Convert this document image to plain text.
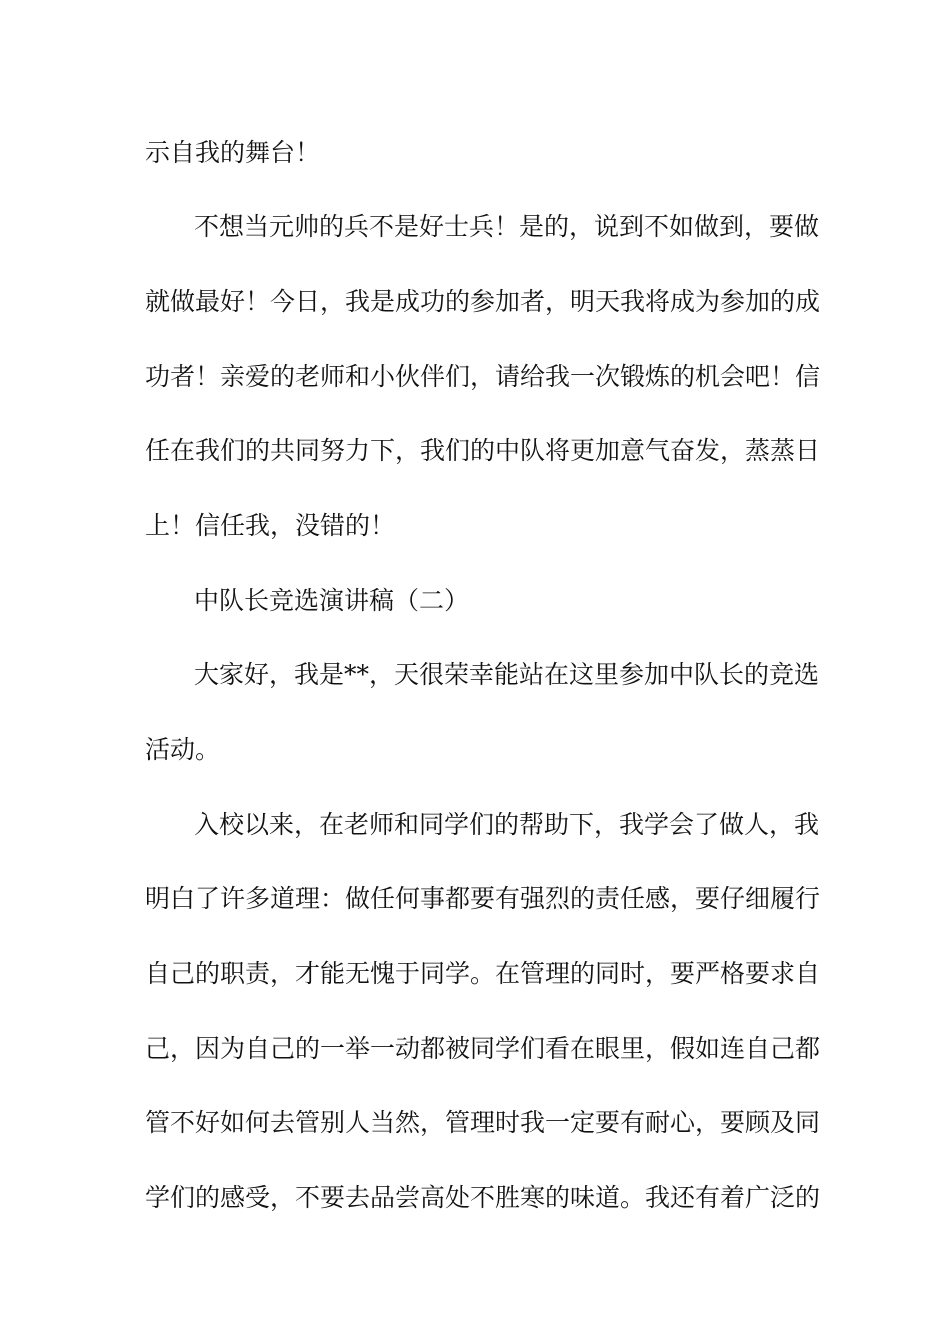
示自我的舞台！
不想当元帅的兵不是好士兵！是的，说到不如做到，要做
就做最好！今日，我是成功的参加者，明天我将成为参加的成
功者！亲爱的老师和小伙伴们，请给我一次锻炼的机会吧！信
任在我们的共同努力下，我们的中队将更加意气奋发，蒸蒸日
上！信任我，没错的！
中队长竞选演讲稿（二）
大家好，我是**，天很荣幸能站在这里参加中队长的竞选
活动。
入校以来，在老师和同学们的帮助下，我学会了做人，我
明白了许多道理：做任何事都要有强烈的责任感，要仔细履行
自己的职责，才能无愧于同学。在管理的同时，要严格要求自
己，因为自己的一举一动都被同学们看在眼里，假如连自己都
管不好如何去管别人当然，管理时我一定要有耐心，要顾及同
学们的感受，不要去品尝高处不胜寒的味道。我还有着广泛的
